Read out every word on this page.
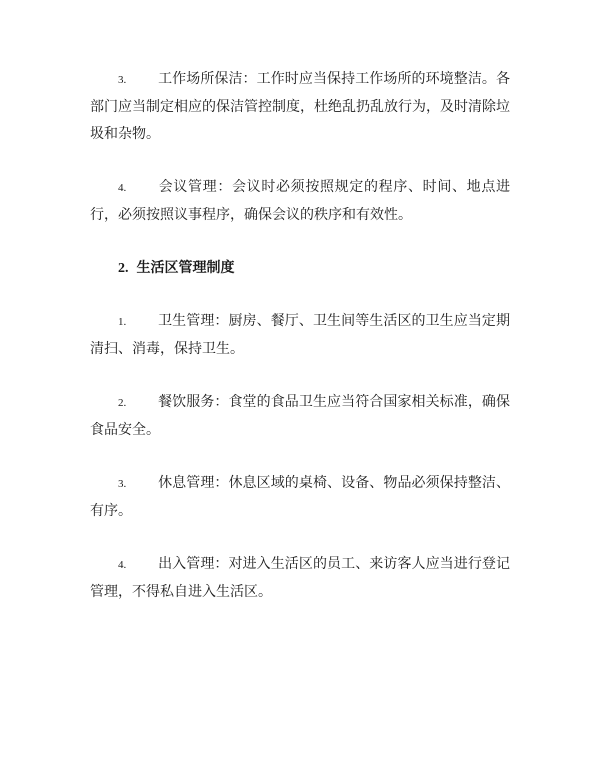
3. 工作场所保洁：工作时应当保持工作场所的环境整洁。各部门应当制定相应的保洁管控制度，杜绝乱扔乱放行为，及时清除垃圾和杂物。

4. 会议管理：会议时必须按照规定的程序、时间、地点进行，必须按照议事程序，确保会议的秩序和有效性。

2. 生活区管理制度

1. 卫生管理：厨房、餐厅、卫生间等生活区的卫生应当定期清扫、消毒，保持卫生。

2. 餐饮服务：食堂的食品卫生应当符合国家相关标准，确保食品安全。

3. 休息管理：休息区域的桌椅、设备、物品必须保持整洁、有序。

4. 出入管理：对进入生活区的员工、来访客人应当进行登记管理，不得私自进入生活区。
